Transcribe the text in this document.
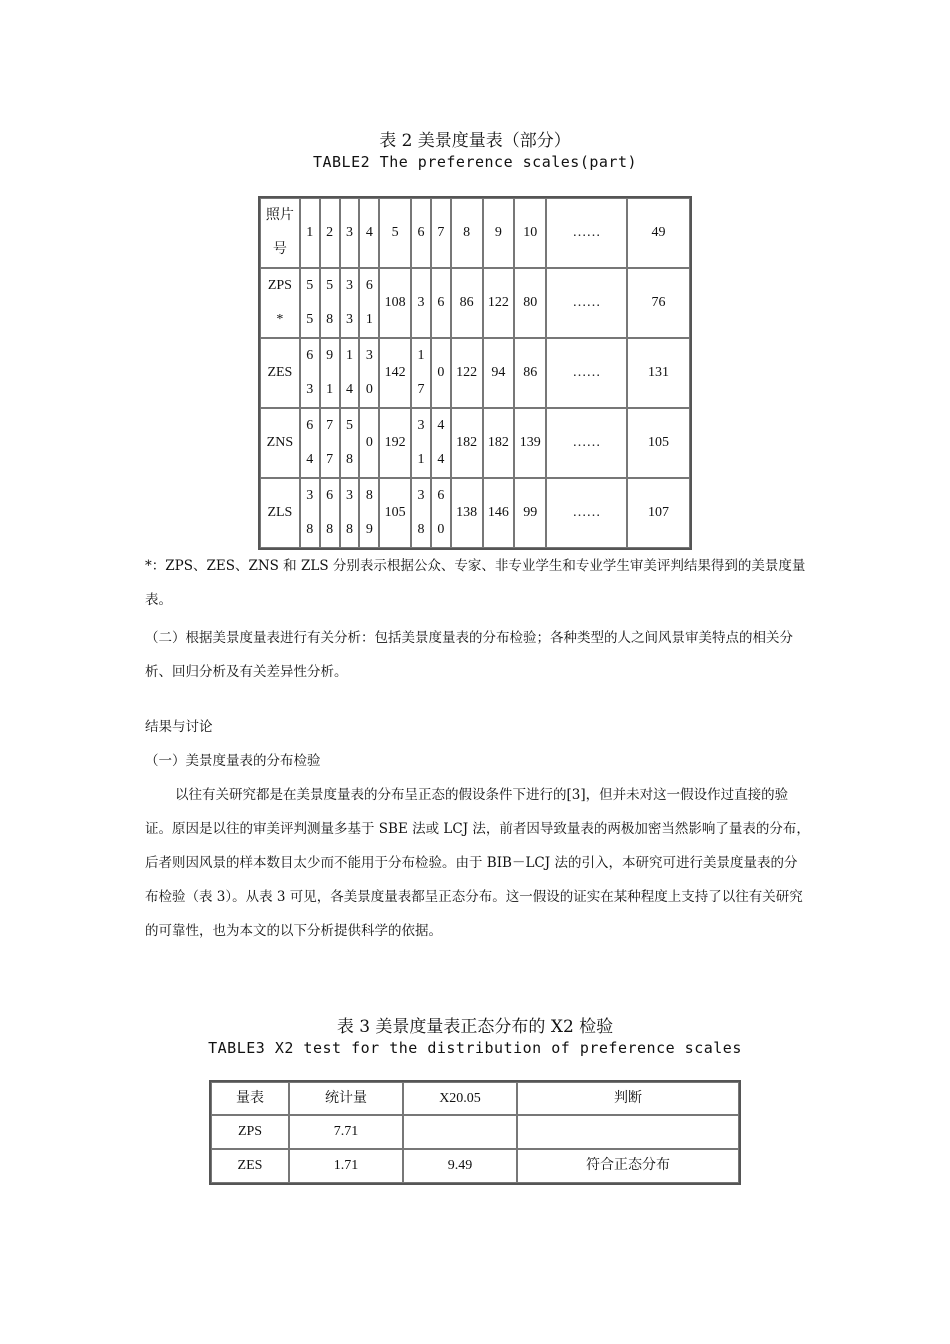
表 2 美景度量表（部分）
TABLE2 The preference scales(part)
照片号	1	2	3	4	5	6	7	8	9	10	……	49
ZPS*	55	58	33	61	108	3	6	86	122	80	……	76
ZES	63	91	14	30	142	17	0	122	94	86	……	131
ZNS	64	77	58	0	192	31	44	182	182	139	……	105
ZLS	38	68	38	89	105	38	60	138	146	99	……	107
*：ZPS、ZES、ZNS 和 ZLS 分别表示根据公众、专家、非专业学生和专业学生审美评判结果得到的美景度量表。
（二）根据美景度量表进行有关分析：包括美景度量表的分布检验；各种类型的人之间风景审美特点的相关分析、回归分析及有关差异性分析。
结果与讨论
（一）美景度量表的分布检验
以往有关研究都是在美景度量表的分布呈正态的假设条件下进行的[3]，但并未对这一假设作过直接的验证。原因是以往的审美评判测量多基于 SBE 法或 LCJ 法，前者因导致量表的两极加密当然影响了量表的分布，后者则因风景的样本数目太少而不能用于分布检验。由于 BIB－LCJ 法的引入，本研究可进行美景度量表的分布检验（表 3）。从表 3 可见，各美景度量表都呈正态分布。这一假设的证实在某种程度上支持了以往有关研究的可靠性，也为本文的以下分析提供科学的依据。
表 3 美景度量表正态分布的 X2 检验
TABLE3 X2 test for the distribution of preference scales
量表	统计量	X20.05	判断
ZPS	7.71		
ZES	1.71	9.49	符合正态分布
